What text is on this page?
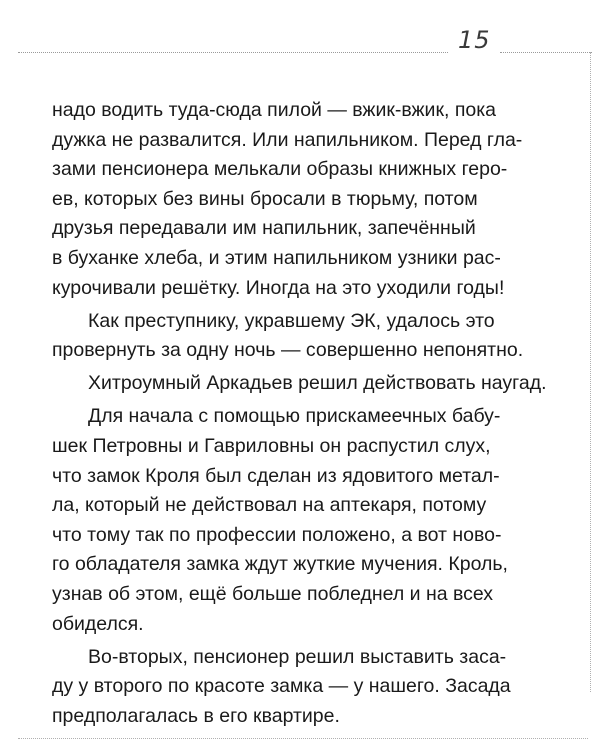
15
надо водить туда-сюда пилой — вжик-вжик, пока
дужка не развалится. Или напильником. Перед гла-
зами пенсионера мелькали образы книжных геро-
ев, которых без вины бросали в тюрьму, потом
друзья передавали им напильник, запечённый
в буханке хлеба, и этим напильником узники рас-
курочивали решётку. Иногда на это уходили годы!
Как преступнику, укравшему ЭК, удалось это
провернуть за одну ночь — совершенно непонятно.
Хитроумный Аркадьев решил действовать наугад.
Для начала с помощью прискамеечных бабу-
шек Петровны и Гавриловны он распустил слух,
что замок Кроля был сделан из ядовитого метал-
ла, который не действовал на аптекаря, потому
что тому так по профессии положено, а вот ново-
го обладателя замка ждут жуткие мучения. Кроль,
узнав об этом, ещё больше побледнел и на всех
обиделся.
Во-вторых, пенсионер решил выставить заса-
ду у второго по красоте замка — у нашего. Засада
предполагалась в его квартире.
